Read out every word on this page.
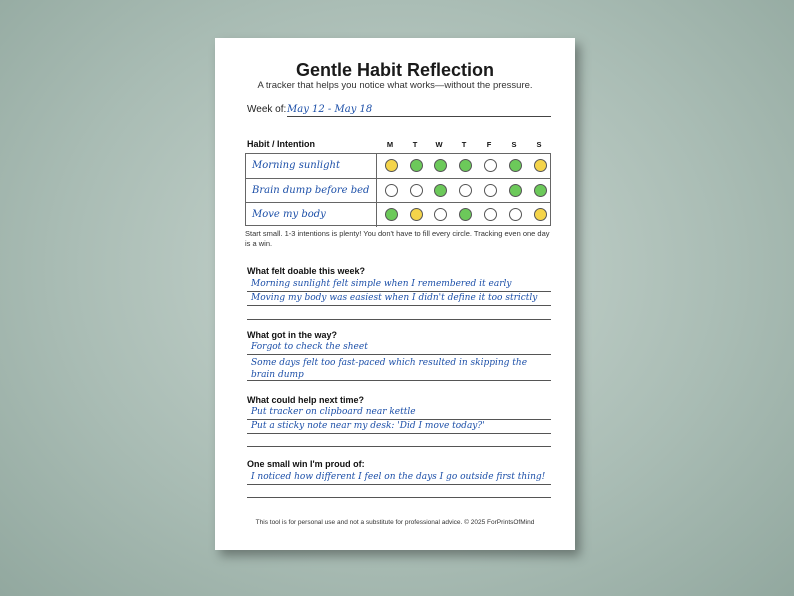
Gentle Habit Reflection
A tracker that helps you notice what works—without the pressure.
Week of: May 12 - May 18
Habit / Intention	M	T	W	T	F	S	S
Morning sunlight
Brain dump before bed
Move my body
Start small. 1-3 intentions is plenty! You don't have to fill every circle. Tracking even one day is a win.
What felt doable this week?
Morning sunlight felt simple when I remembered it early
Moving my body was easiest when I didn't define it too strictly
What got in the way?
Forgot to check the sheet
Some days felt too fast-paced which resulted in skipping the brain dump
What could help next time?
Put tracker on clipboard near kettle
Put a sticky note near my desk: 'Did I move today?'
One small win I'm proud of:
I noticed how different I feel on the days I go outside first thing!
This tool is for personal use and not a substitute for professional advice. © 2025 ForPrintsOfMind
